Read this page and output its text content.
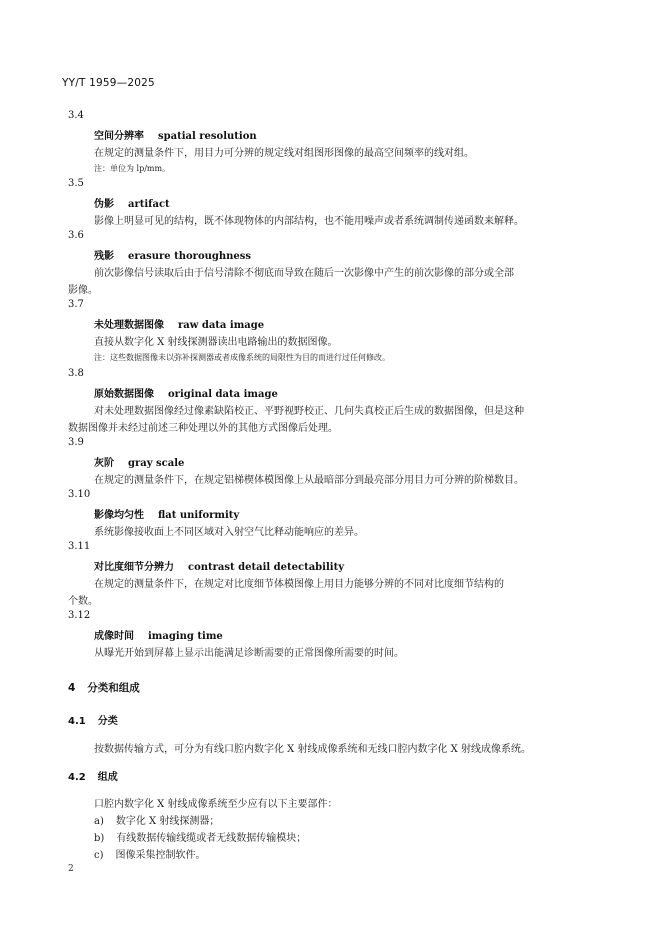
YY/T 1959—2025
3.4
空间分辨率 spatial resolution
在规定的测量条件下，用目力可分辨的规定线对组图形图像的最高空间频率的线对组。
注：单位为 lp/mm。
3.5
伪影 artifact
影像上明显可见的结构，既不体现物体的内部结构，也不能用噪声或者系统调制传递函数来解释。
3.6
残影 erasure thoroughness
前次影像信号读取后由于信号清除不彻底而导致在随后一次影像中产生的前次影像的部分或全部
影像。
3.7
未处理数据图像 raw data image
直接从数字化 X 射线探测器读出电路输出的数据图像。
注：这些数据图像未以弥补探测器或者成像系统的局限性为目的而进行过任何修改。
3.8
原始数据图像 original data image
对未处理数据图像经过像素缺陷校正、平野视野校正、几何失真校正后生成的数据图像，但是这种
数据图像并未经过前述三种处理以外的其他方式图像后处理。
3.9
灰阶 gray scale
在规定的测量条件下，在规定铝梯楔体模图像上从最暗部分到最亮部分用目力可分辨的阶梯数目。
3.10
影像均匀性 flat uniformity
系统影像接收面上不同区域对入射空气比释动能响应的差异。
3.11
对比度细节分辨力 contrast detail detectability
在规定的测量条件下，在规定对比度细节体模图像上用目力能够分辨的不同对比度细节结构的
个数。
3.12
成像时间 imaging time
从曝光开始到屏幕上显示出能满足诊断需要的正常图像所需要的时间。
4 分类和组成
4.1 分类
按数据传输方式，可分为有线口腔内数字化 X 射线成像系统和无线口腔内数字化 X 射线成像系统。
4.2 组成
口腔内数字化 X 射线成像系统至少应有以下主要部件：
a) 数字化 X 射线探测器；
b) 有线数据传输线缆或者无线数据传输模块；
c) 图像采集控制软件。
2
